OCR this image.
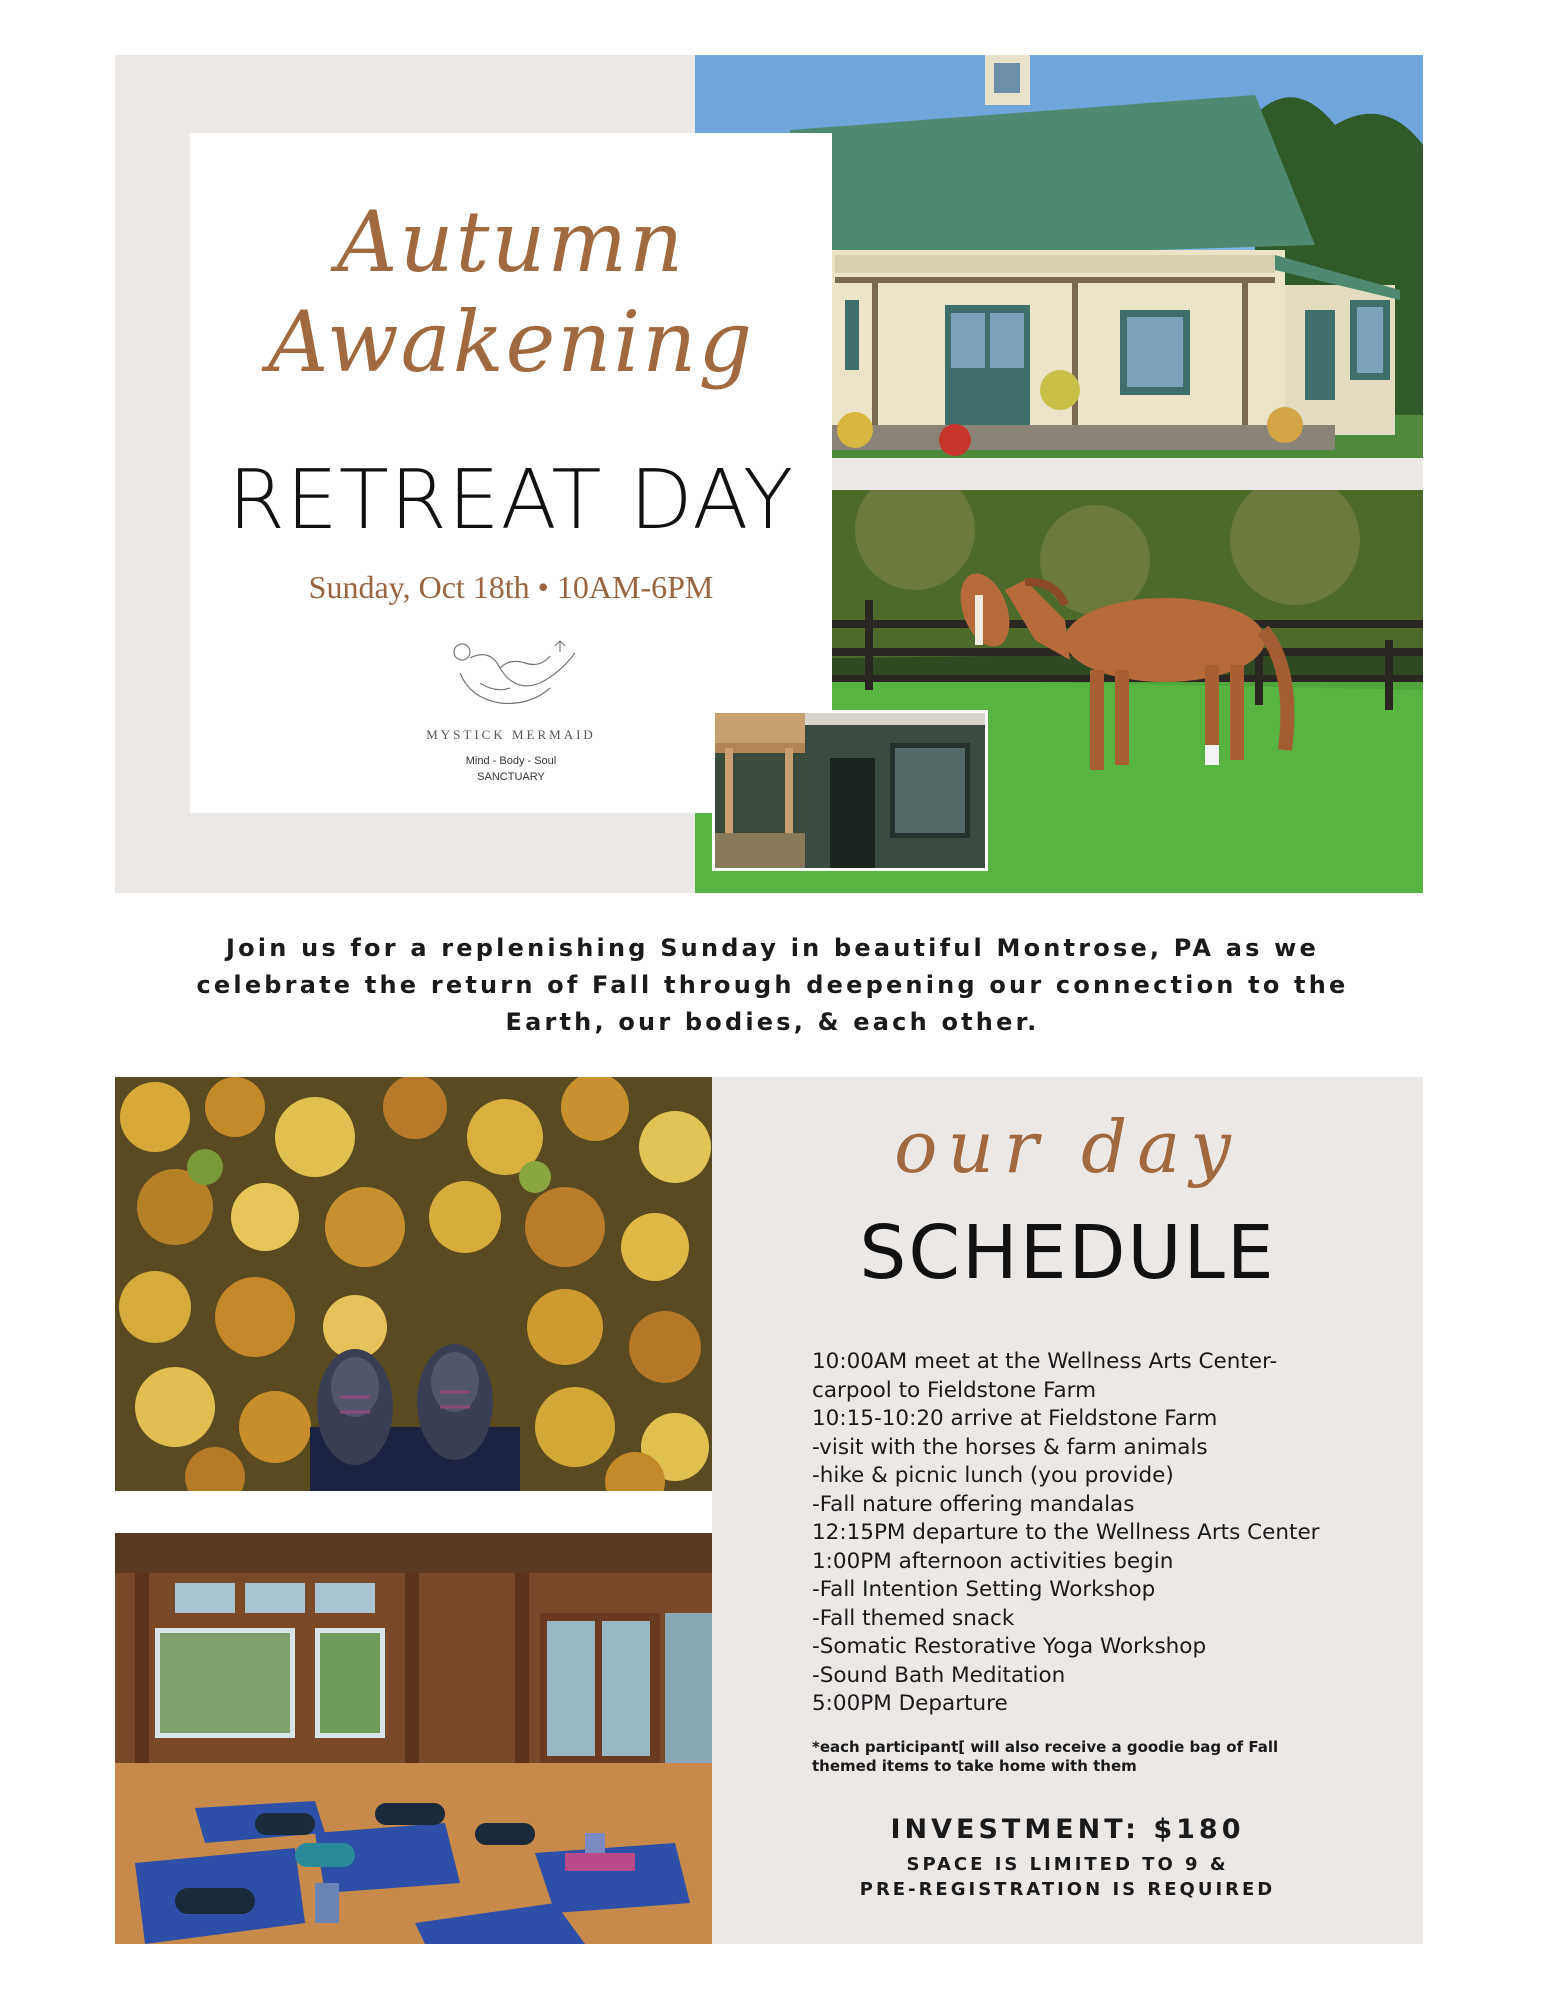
Autumn
Awakening
RETREAT DAY
Sunday, Oct 18th • 10AM-6PM
MYSTICK MERMAID
Mind - Body - Soul
SANCTUARY
Join us for a replenishing Sunday in beautiful Montrose, PA as we
celebrate the return of Fall through deepening our connection to the
Earth, our bodies, & each other.
our day
SCHEDULE
10:00AM meet at the Wellness Arts Center-
carpool to Fieldstone Farm
10:15-10:20 arrive at Fieldstone Farm
-visit with the horses & farm animals
-hike & picnic lunch (you provide)
-Fall nature offering mandalas
12:15PM departure to the Wellness Arts Center
1:00PM afternoon activities begin
-Fall Intention Setting Workshop
-Fall themed snack
-Somatic Restorative Yoga Workshop
-Sound Bath Meditation
5:00PM Departure
*each participant[ will also receive a goodie bag of Fall
themed items to take home with them
INVESTMENT: $180
SPACE IS LIMITED TO 9 &
PRE-REGISTRATION IS REQUIRED
